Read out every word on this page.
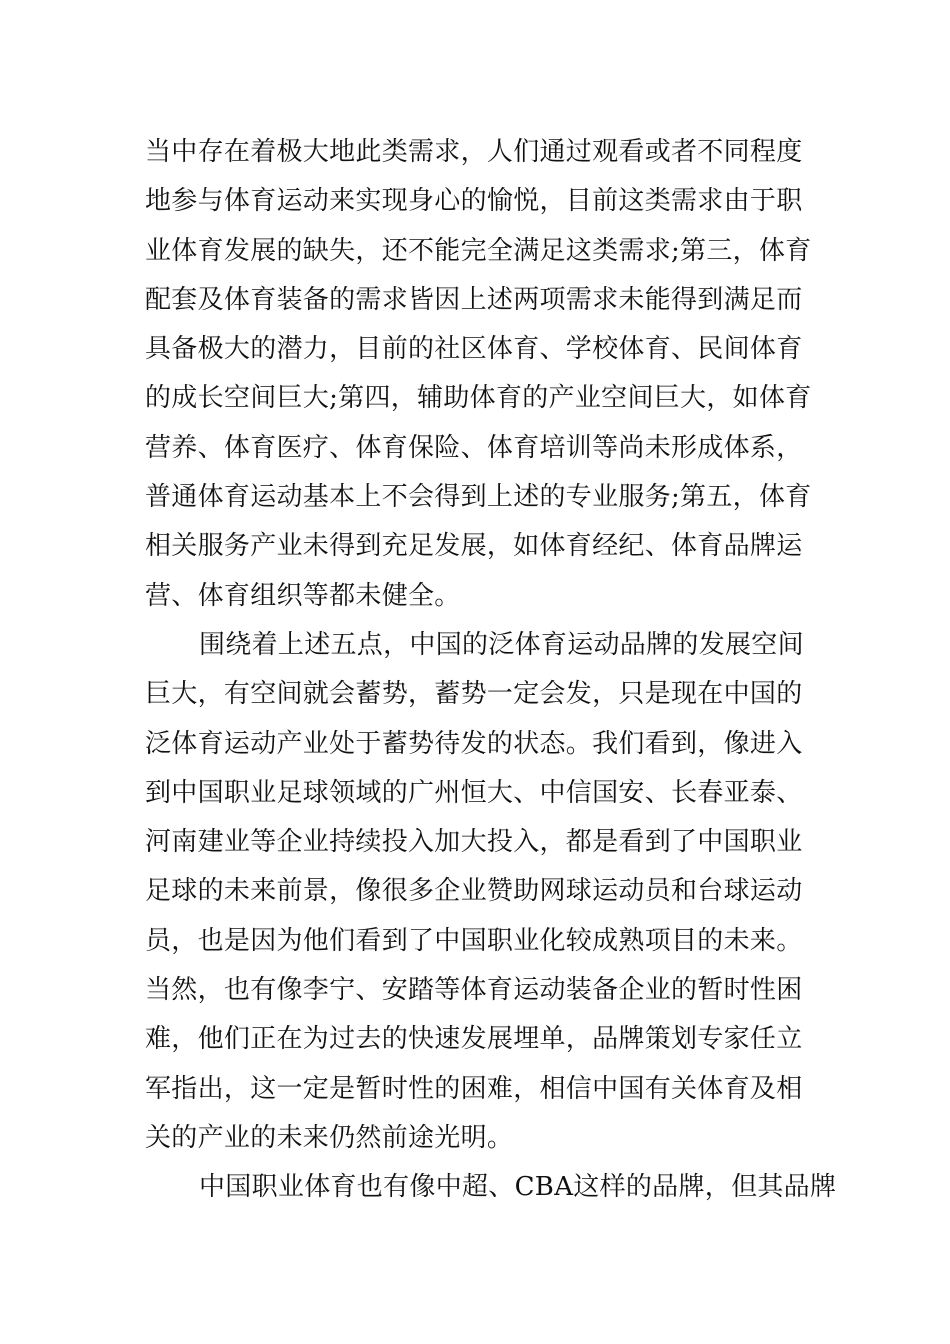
当中存在着极大地此类需求，人们通过观看或者不同程度
地参与体育运动来实现身心的愉悦，目前这类需求由于职
业体育发展的缺失，还不能完全满足这类需求;第三，体育
配套及体育装备的需求皆因上述两项需求未能得到满足而
具备极大的潜力，目前的社区体育、学校体育、民间体育
的成长空间巨大;第四，辅助体育的产业空间巨大，如体育
营养、体育医疗、体育保险、体育培训等尚未形成体系，
普通体育运动基本上不会得到上述的专业服务;第五，体育
相关服务产业未得到充足发展，如体育经纪、体育品牌运
营、体育组织等都未健全。
围绕着上述五点，中国的泛体育运动品牌的发展空间
巨大，有空间就会蓄势，蓄势一定会发，只是现在中国的
泛体育运动产业处于蓄势待发的状态。我们看到，像进入
到中国职业足球领域的广州恒大、中信国安、长春亚泰、
河南建业等企业持续投入加大投入，都是看到了中国职业
足球的未来前景，像很多企业赞助网球运动员和台球运动
员，也是因为他们看到了中国职业化较成熟项目的未来。
当然，也有像李宁、安踏等体育运动装备企业的暂时性困
难，他们正在为过去的快速发展埋单，品牌策划专家任立
军指出，这一定是暂时性的困难，相信中国有关体育及相
关的产业的未来仍然前途光明。
中国职业体育也有像中超、CBA这样的品牌，但其品牌
